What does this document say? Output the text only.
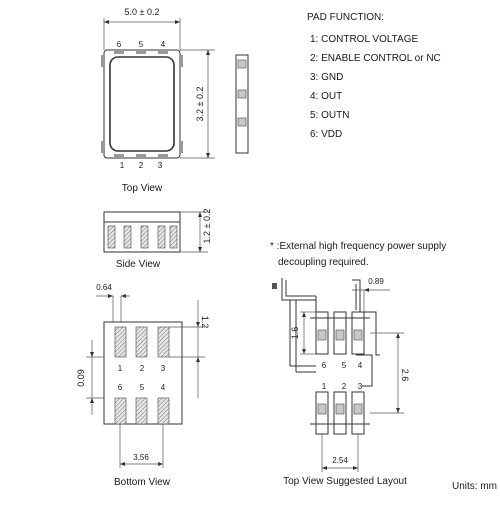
5.0 ± 0.2
6 5 4
1 2 3
3.2 ± 0.2
Top View
1.2 ± 0.2
Side View
0.64
1 2 3
6 5 4
0.09
1.2
3.56
Bottom View
PAD FUNCTION:
1: CONTROL VOLTAGE
2: ENABLE CONTROL or NC
3: GND
4: OUT
5: OUTN
6: VDD
* :External high frequency power supply
decoupling required.
6 5 4
1 2 3
0.89
1.6
2.6
2.54
Top View Suggested Layout	Units: mm
